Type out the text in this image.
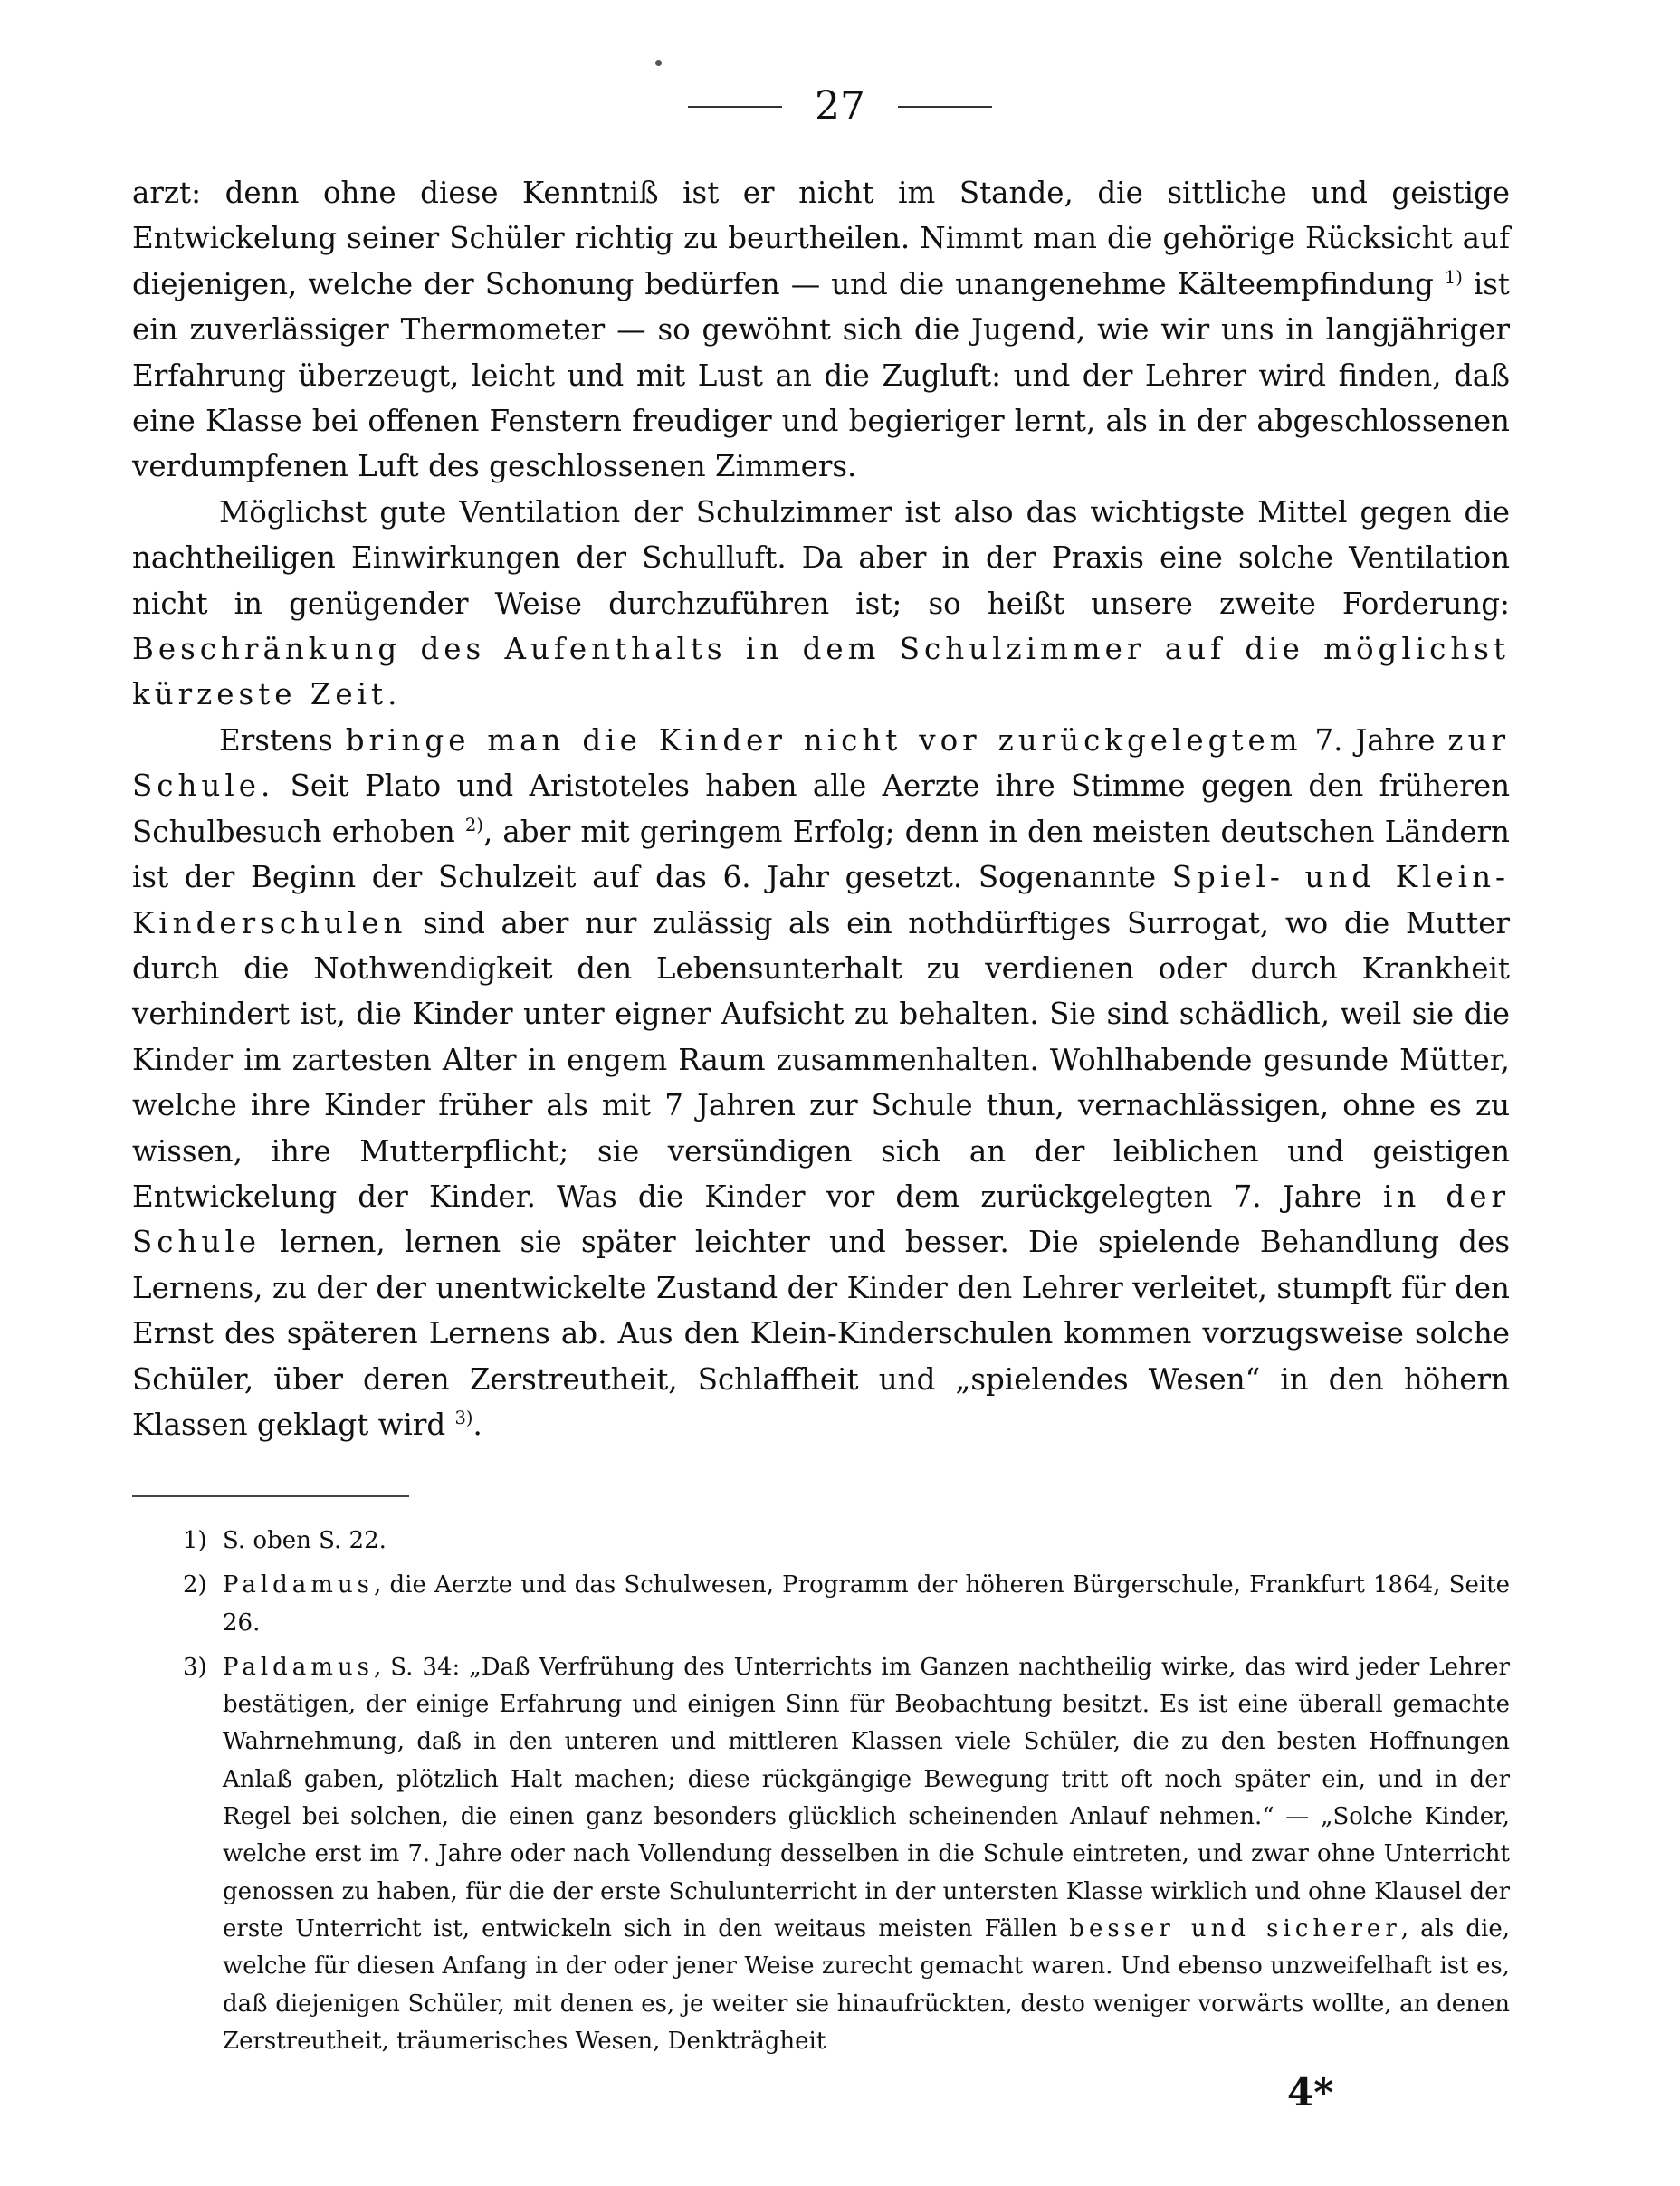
27

arzt: denn ohne diese Kenntniß ist er nicht im Stande, die sittliche und geistige Entwickelung seiner Schüler richtig zu beurtheilen. Nimmt man die gehörige Rücksicht auf diejenigen, welche der Schonung bedürfen — und die unangenehme Kälteempfindung $^{1)}$ ist ein zuverlässiger Thermometer — so gewöhnt sich die Jugend, wie wir uns in langjähriger Erfahrung überzeugt, leicht und mit Lust an die Zugluft: und der Lehrer wird finden, daß eine Klasse bei offenen Fenstern freudiger und begieriger lernt, als in der abgeschlossenen verdumpfenen Luft des geschlossenen Zimmers.

Möglichst gute Ventilation der Schulzimmer ist also das wichtigste Mittel gegen die nachtheiligen Einwirkungen der Schulluft. Da aber in der Praxis eine solche Ventilation nicht in genügender Weise durchzuführen ist; so heißt unsere zweite Forderung: Beschränkung des Aufenthalts in dem Schulzimmer auf die möglichst kürzeste Zeit.

Erstens bringe man die Kinder nicht vor zurückgelegtem 7. Jahre zur Schule. Seit Plato und Aristoteles haben alle Aerzte ihre Stimme gegen den früheren Schulbesuch erhoben $^{2)}$, aber mit geringem Erfolg; denn in den meisten deutschen Ländern ist der Beginn der Schulzeit auf das 6. Jahr gesetzt. Sogenannte Spiel- und Klein-Kinderschulen sind aber nur zulässig als ein nothdürftiges Surrogat, wo die Mutter durch die Nothwendigkeit den Lebensunterhalt zu verdienen oder durch Krankheit verhindert ist, die Kinder unter eigner Aufsicht zu behalten. Sie sind schädlich, weil sie die Kinder im zartesten Alter in engem Raum zusammenhalten. Wohlhabende gesunde Mütter, welche ihre Kinder früher als mit 7 Jahren zur Schule thun, vernachlässigen, ohne es zu wissen, ihre Mutterpflicht; sie versündigen sich an der leiblichen und geistigen Entwickelung der Kinder. Was die Kinder vor dem zurückgelegten 7. Jahre in der Schule lernen, lernen sie später leichter und besser. Die spielende Behandlung des Lernens, zu der der unentwickelte Zustand der Kinder den Lehrer verleitet, stumpft für den Ernst des späteren Lernens ab. Aus den Klein-Kinderschulen kommen vorzugsweise solche Schüler, über deren Zerstreutheit, Schlaffheit und „spielendes Wesen“ in den höhern Klassen geklagt wird $^{3)}$.

1) S. oben S. 22.

2) Paldamus, die Aerzte und das Schulwesen, Programm der höheren Bürgerschule, Frankfurt 1864, Seite 26.

3) Paldamus, S. 34: „Daß Verfrühung des Unterrichts im Ganzen nachtheilig wirke, das wird jeder Lehrer bestätigen, der einige Erfahrung und einigen Sinn für Beobachtung besitzt. Es ist eine überall gemachte Wahrnehmung, daß in den unteren und mittleren Klassen viele Schüler, die zu den besten Hoffnungen Anlaß gaben, plötzlich Halt machen; diese rückgängige Bewegung tritt oft noch später ein, und in der Regel bei solchen, die einen ganz besonders glücklich scheinenden Anlauf nehmen.“ — „Solche Kinder, welche erst im 7. Jahre oder nach Vollendung desselben in die Schule eintreten, und zwar ohne Unterricht genossen zu haben, für die der erste Schulunterricht in der untersten Klasse wirklich und ohne Klausel der erste Unterricht ist, entwickeln sich in den weitaus meisten Fällen besser und sicherer, als die, welche für diesen Anfang in der oder jener Weise zurecht gemacht waren. Und ebenso unzweifelhaft ist es, daß diejenigen Schüler, mit denen es, je weiter sie hinaufrückten, desto weniger vorwärts wollte, an denen Zerstreutheit, träumerisches Wesen, Denkträgheit

4*
